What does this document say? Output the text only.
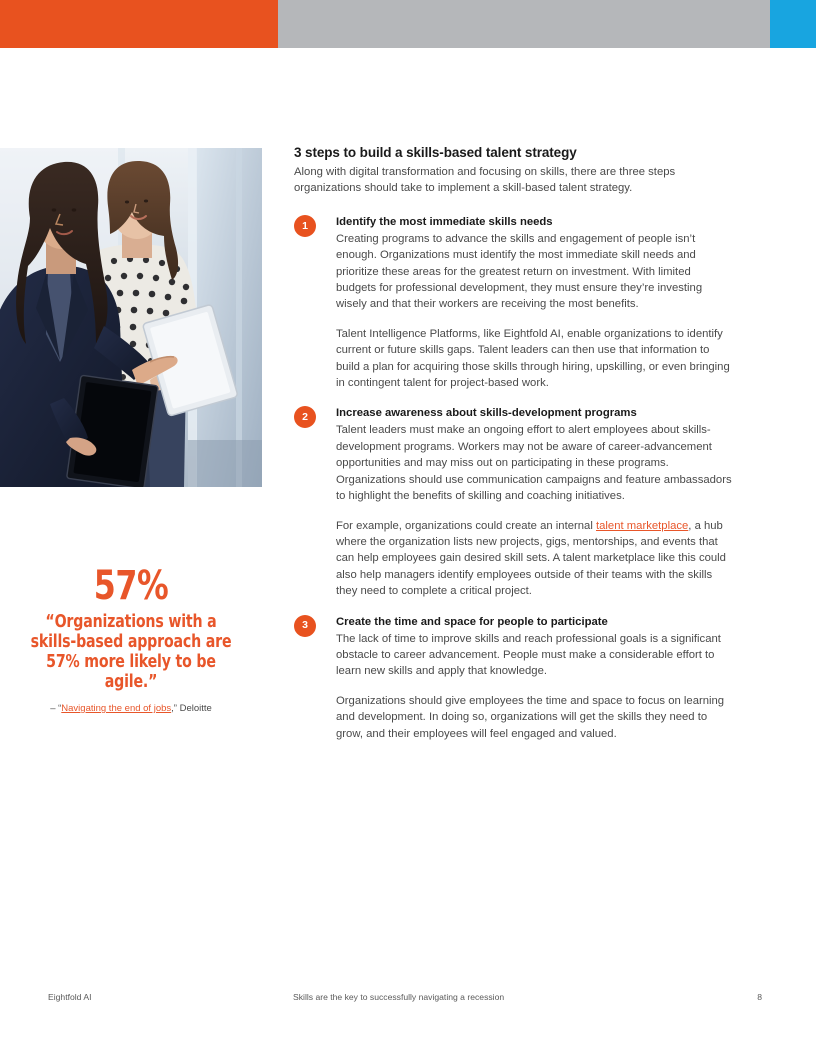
57%
“Organizations with a skills-based approach are 57% more likely to be agile.”
– “Navigating the end of jobs,” Deloitte
3 steps to build a skills-based talent strategy

Along with digital transformation and focusing on skills, there are three steps organizations should take to implement a skill-based talent strategy.

1	Identify the most immediate skills needs

Creating programs to advance the skills and engagement of people isn’t enough. Organizations must identify the most immediate skill needs and prioritize these areas for the greatest return on investment. With limited budgets for professional development, they must ensure they’re investing wisely and that their workers are receiving the most benefits.

Talent Intelligence Platforms, like Eightfold AI, enable organizations to identify current or future skills gaps. Talent leaders can then use that information to build a plan for acquiring those skills through hiring, upskilling, or even bringing in contingent talent for project-based work.

2	Increase awareness about skills-development programs

Talent leaders must make an ongoing effort to alert employees about skills-development programs. Workers may not be aware of career-advancement opportunities and may miss out on participating in these programs. Organizations should use communication campaigns and feature ambassadors to highlight the benefits of skilling and coaching initiatives.

For example, organizations could create an internal talent marketplace, a hub where the organization lists new projects, gigs, mentorships, and events that can help employees gain desired skill sets. A talent marketplace like this could also help managers identify employees outside of their teams with the skills they need to complete a critical project.

3	Create the time and space for people to participate

The lack of time to improve skills and reach professional goals is a significant obstacle to career advancement. People must make a considerable effort to learn new skills and apply that knowledge.

Organizations should give employees the time and space to focus on learning and development. In doing so, organizations will get the skills they need to grow, and their employees will feel engaged and valued.

Eightfold AI	Skills are the key to successfully navigating a recession	8
